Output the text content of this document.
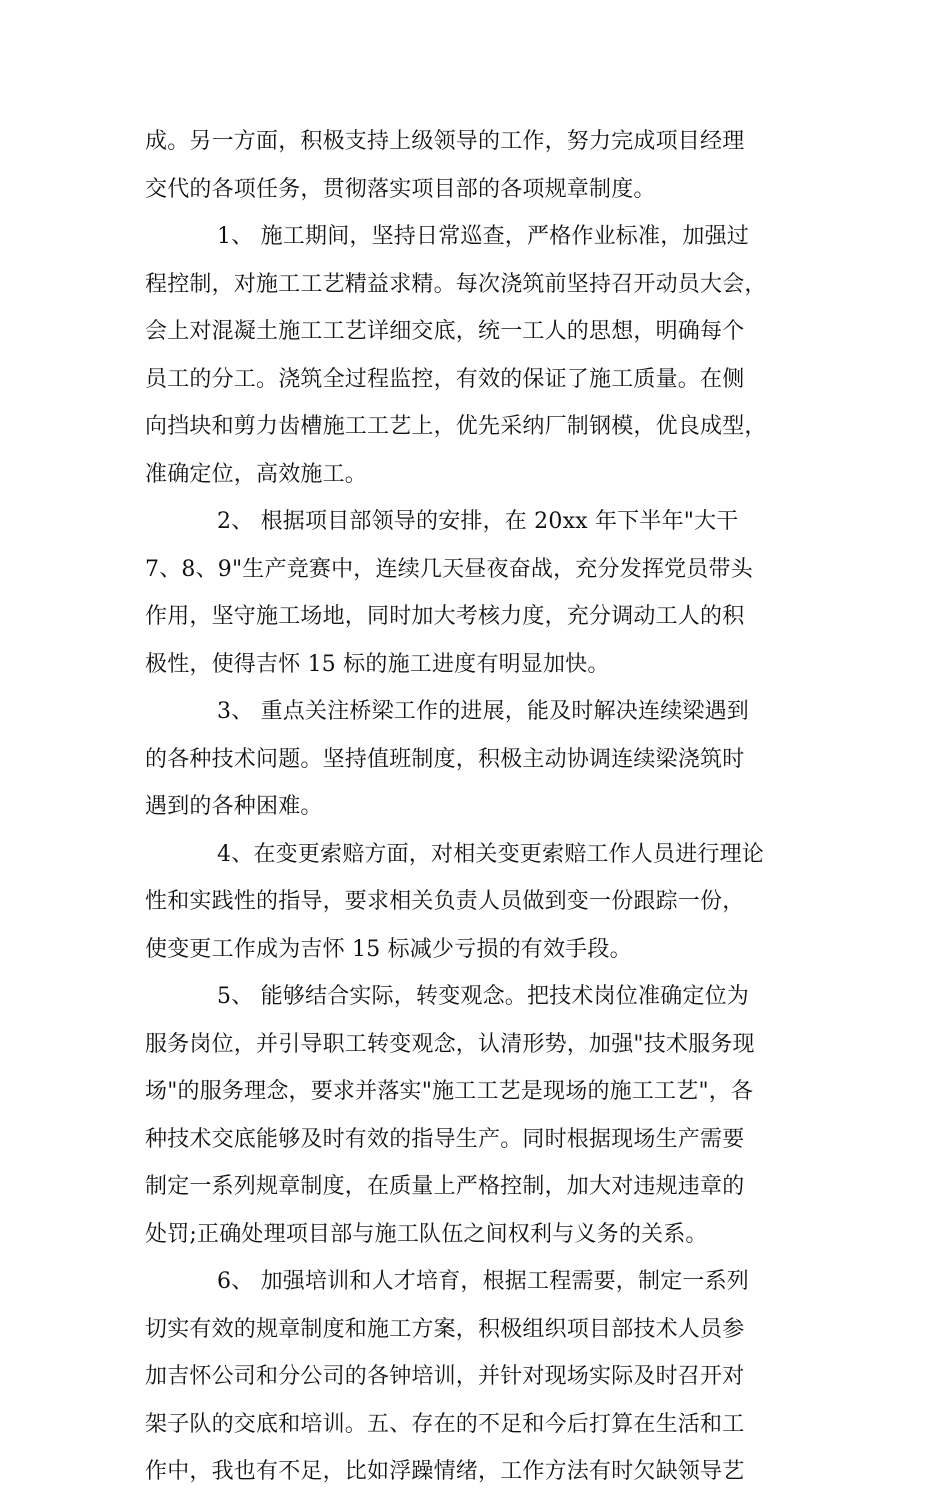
成。另一方面，积极支持上级领导的工作，努力完成项目经理
交代的各项任务，贯彻落实项目部的各项规章制度。
1、 施工期间，坚持日常巡查，严格作业标准，加强过
程控制，对施工工艺精益求精。每次浇筑前坚持召开动员大会，
会上对混凝土施工工艺详细交底，统一工人的思想，明确每个
员工的分工。浇筑全过程监控，有效的保证了施工质量。在侧
向挡块和剪力齿槽施工工艺上，优先采纳厂制钢模，优良成型，
准确定位，高效施工。
2、 根据项目部领导的安排，在 20xx 年下半年"大干
7、8、9"生产竞赛中，连续几天昼夜奋战，充分发挥党员带头
作用，坚守施工场地，同时加大考核力度，充分调动工人的积
极性，使得吉怀 15 标的施工进度有明显加快。
3、 重点关注桥梁工作的进展，能及时解决连续梁遇到
的各种技术问题。坚持值班制度，积极主动协调连续梁浇筑时
遇到的各种困难。
4、在变更索赔方面，对相关变更索赔工作人员进行理论
性和实践性的指导，要求相关负责人员做到变一份跟踪一份，
使变更工作成为吉怀 15 标减少亏损的有效手段。
5、 能够结合实际，转变观念。把技术岗位准确定位为
服务岗位，并引导职工转变观念，认清形势，加强"技术服务现
场"的服务理念，要求并落实"施工工艺是现场的施工工艺"，各
种技术交底能够及时有效的指导生产。同时根据现场生产需要
制定一系列规章制度，在质量上严格控制，加大对违规违章的
处罚;正确处理项目部与施工队伍之间权利与义务的关系。
6、 加强培训和人才培育，根据工程需要，制定一系列
切实有效的规章制度和施工方案，积极组织项目部技术人员参
加吉怀公司和分公司的各钟培训，并针对现场实际及时召开对
架子队的交底和培训。五、存在的不足和今后打算在生活和工
作中，我也有不足，比如浮躁情绪，工作方法有时欠缺领导艺
